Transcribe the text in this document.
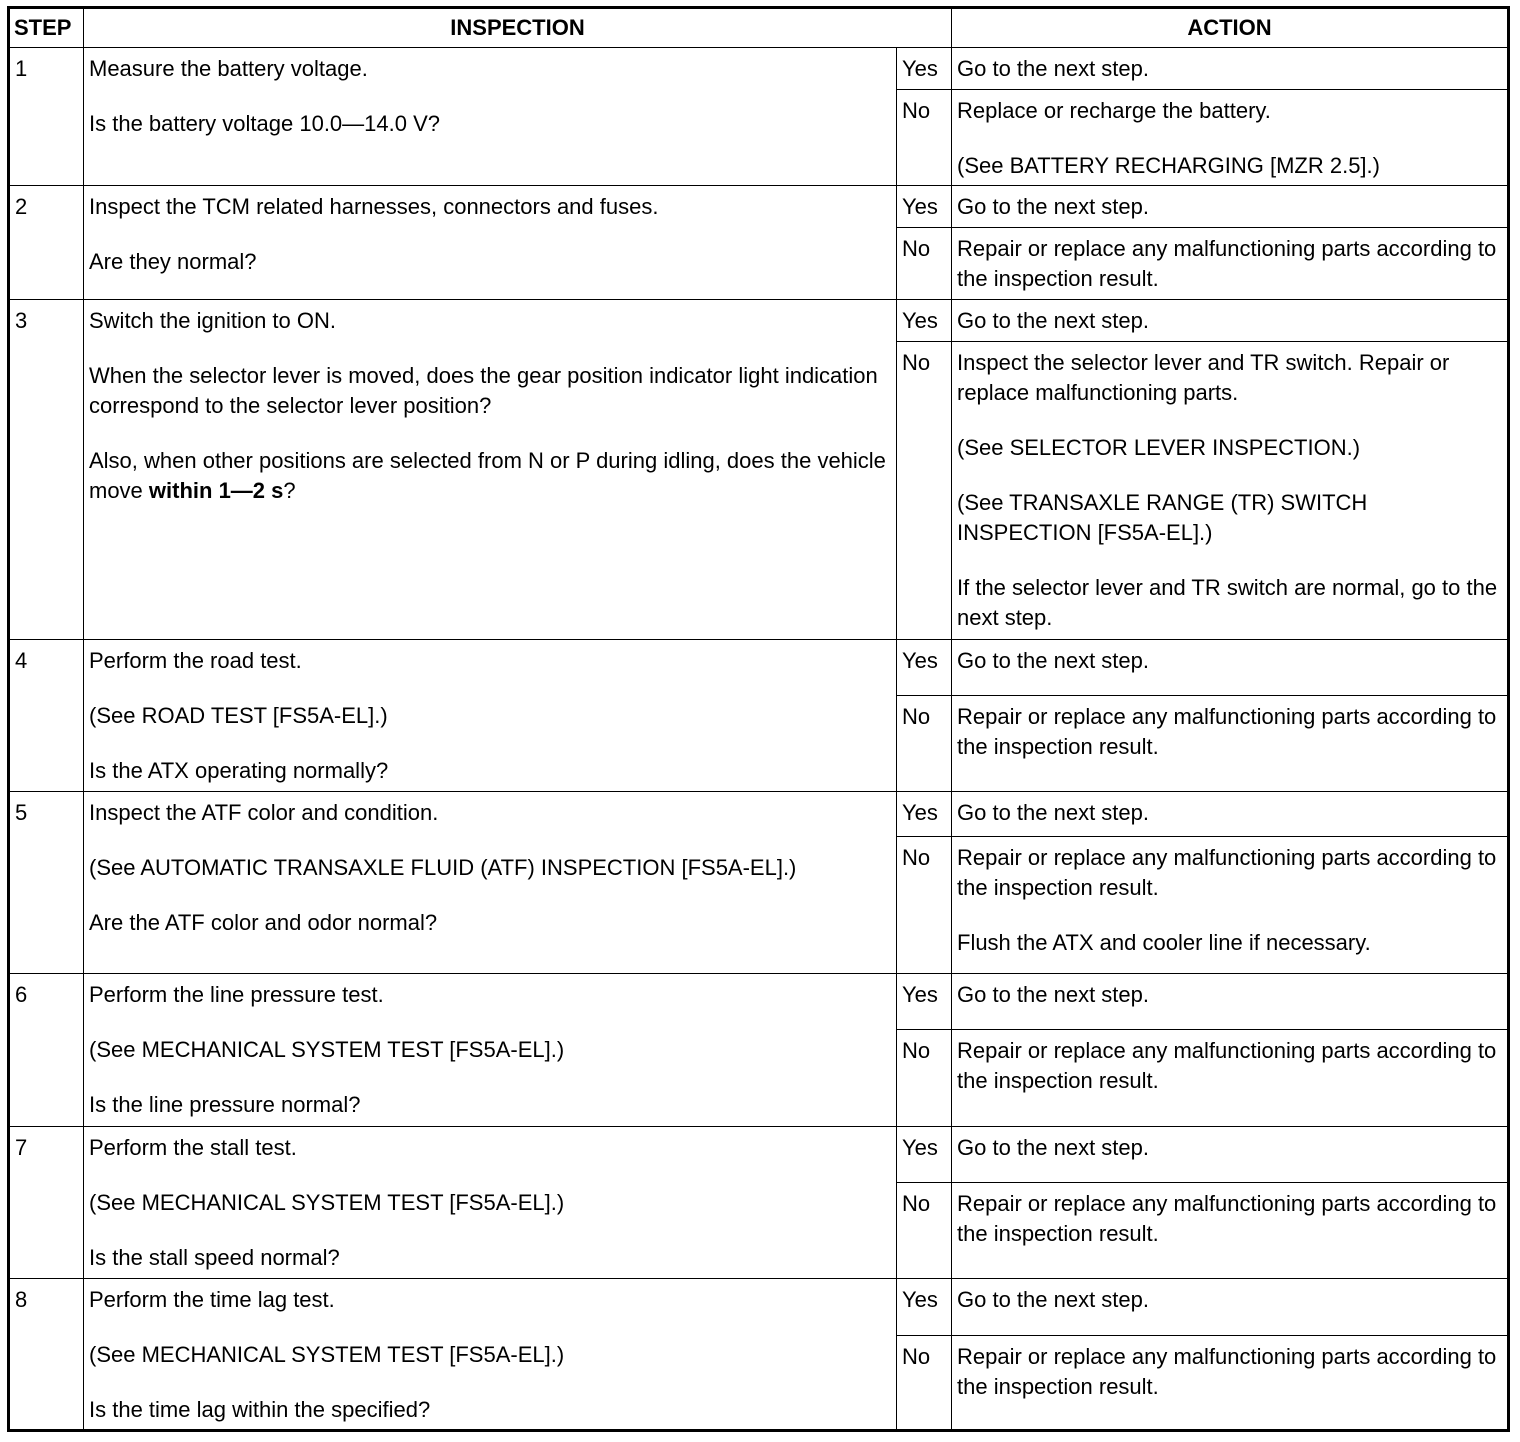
STEP	INSPECTION		ACTION
1	Measure the battery voltage.

Is the battery voltage 10.0—14.0 V?	Yes	Go to the next step.

		No	Replace or recharge the battery.

(See BATTERY RECHARGING [MZR 2.5].)

2	Inspect the TCM related harnesses, connectors and fuses.

Are they normal?	Yes	Go to the next step.

		No	Repair or replace any malfunctioning parts according to the inspection result.

3	Switch the ignition to ON.

When the selector lever is moved, does the gear position indicator light indication correspond to the selector lever position?

Also, when other positions are selected from N or P during idling, does the vehicle move within 1—2 s?	Yes	Go to the next step.

		No	Inspect the selector lever and TR switch. Repair or replace malfunctioning parts.

(See SELECTOR LEVER INSPECTION.)

(See TRANSAXLE RANGE (TR) SWITCH INSPECTION [FS5A-EL].)

If the selector lever and TR switch are normal, go to the next step.

4	Perform the road test.

(See ROAD TEST [FS5A-EL].)

Is the ATX operating normally?	Yes	Go to the next step.

		No	Repair or replace any malfunctioning parts according to the inspection result.

5	Inspect the ATF color and condition.

(See AUTOMATIC TRANSAXLE FLUID (ATF) INSPECTION [FS5A-EL].)

Are the ATF color and odor normal?	Yes	Go to the next step.

		No	Repair or replace any malfunctioning parts according to the inspection result.

Flush the ATX and cooler line if necessary.

6	Perform the line pressure test.

(See MECHANICAL SYSTEM TEST [FS5A-EL].)

Is the line pressure normal?	Yes	Go to the next step.

		No	Repair or replace any malfunctioning parts according to the inspection result.

7	Perform the stall test.

(See MECHANICAL SYSTEM TEST [FS5A-EL].)

Is the stall speed normal?	Yes	Go to the next step.

		No	Repair or replace any malfunctioning parts according to the inspection result.

8	Perform the time lag test.

(See MECHANICAL SYSTEM TEST [FS5A-EL].)

Is the time lag within the specified?	Yes	Go to the next step.

		No	Repair or replace any malfunctioning parts according to the inspection result.
